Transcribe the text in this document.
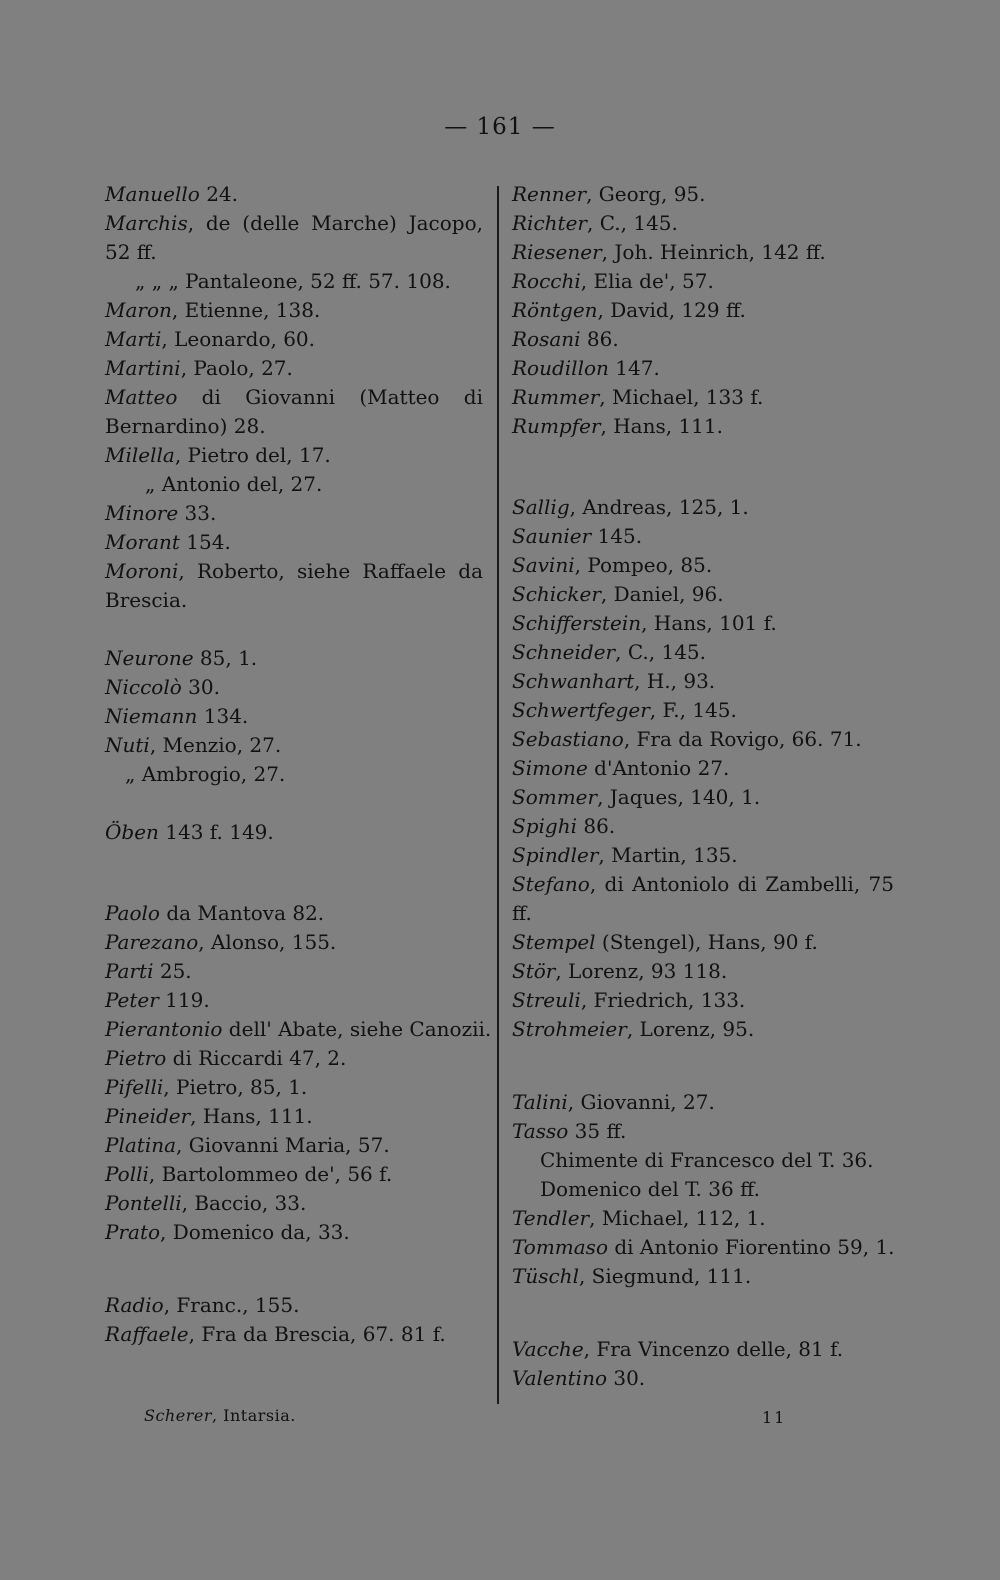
— 161 —

Manuello 24.

Marchis, de (delle Marche) Jacopo, 52 ff.

„ „ „ Pantaleone, 52 ff. 57. 108.

Maron, Etienne, 138.

Marti, Leonardo, 60.

Martini, Paolo, 27.

Matteo di Giovanni (Matteo di Bernardino) 28.

Milella, Pietro del, 17.

„ Antonio del, 27.

Minore 33.

Morant 154.

Moroni, Roberto, siehe Raffaele da Brescia.

Neurone 85, 1.

Niccolò 30.

Niemann 134.

Nuti, Menzio, 27.

„ Ambrogio, 27.

Öben 143 f. 149.

Paolo da Mantova 82.

Parezano, Alonso, 155.

Parti 25.

Peter 119.

Pierantonio dell' Abate, siehe Canozii.

Pietro di Riccardi 47, 2.

Pifelli, Pietro, 85, 1.

Pineider, Hans, 111.

Platina, Giovanni Maria, 57.

Polli, Bartolommeo de', 56 f.

Pontelli, Baccio, 33.

Prato, Domenico da, 33.

Radio, Franc., 155.

Raffaele, Fra da Brescia, 67. 81 f.

Renner, Georg, 95.

Richter, C., 145.

Riesener, Joh. Heinrich, 142 ff.

Rocchi, Elia de', 57.

Röntgen, David, 129 ff.

Rosani 86.

Roudillon 147.

Rummer, Michael, 133 f.

Rumpfer, Hans, 111.

Sallig, Andreas, 125, 1.

Saunier 145.

Savini, Pompeo, 85.

Schicker, Daniel, 96.

Schifferstein, Hans, 101 f.

Schneider, C., 145.

Schwanhart, H., 93.

Schwertfeger, F., 145.

Sebastiano, Fra da Rovigo, 66. 71.

Simone d'Antonio 27.

Sommer, Jaques, 140, 1.

Spighi 86.

Spindler, Martin, 135.

Stefano, di Antoniolo di Zambelli, 75 ff.

Stempel (Stengel), Hans, 90 f.

Stör, Lorenz, 93 118.

Streuli, Friedrich, 133.

Strohmeier, Lorenz, 95.

Talini, Giovanni, 27.

Tasso 35 ff.

Chimente di Francesco del T. 36.

Domenico del T. 36 ff.

Tendler, Michael, 112, 1.

Tommaso di Antonio Fiorentino 59, 1.

Tüschl, Siegmund, 111.

Vacche, Fra Vincenzo delle, 81 f.

Valentino 30.

Scherer, Intarsia.	11
